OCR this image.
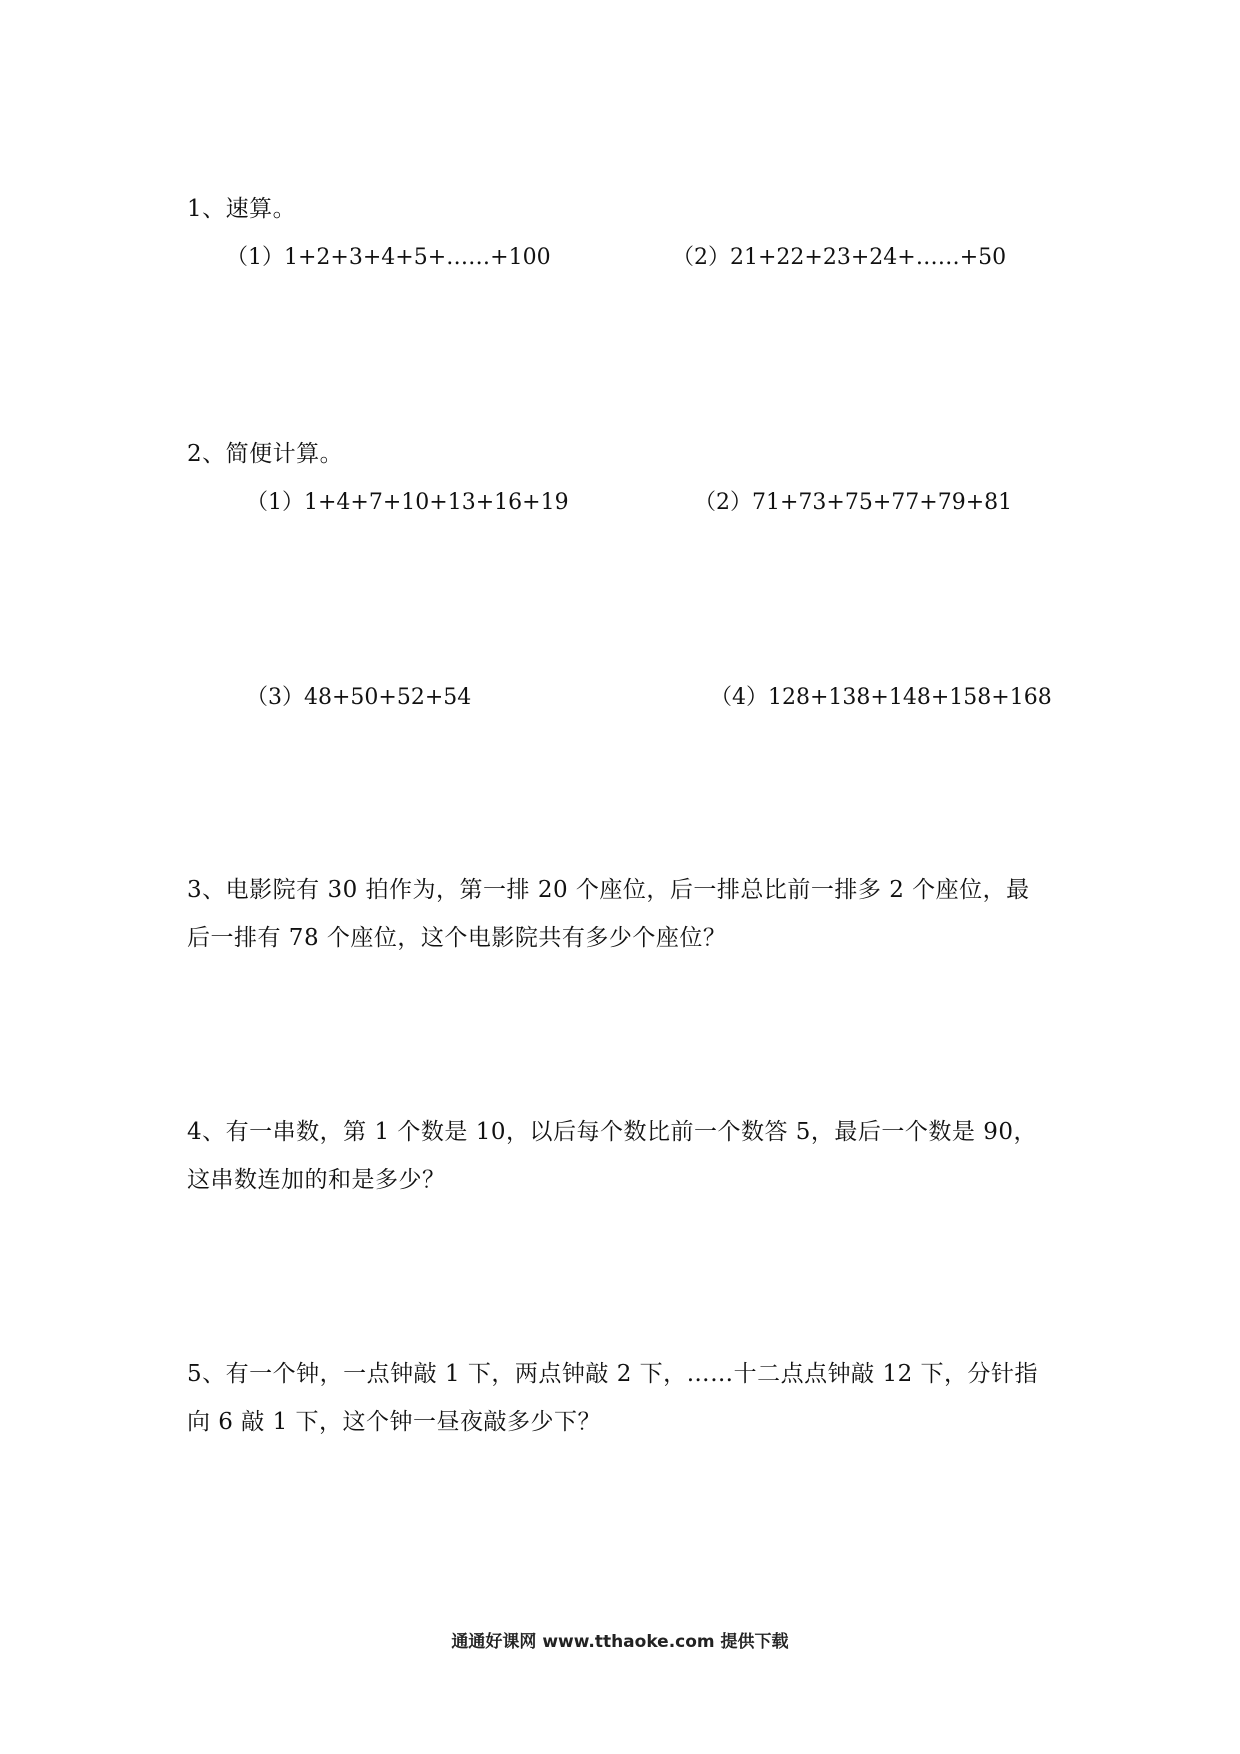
1、速算。
（1）1+2+3+4+5+……+100	（2）21+22+23+24+……+50
2、简便计算。
（1）1+4+7+10+13+16+19	（2）71+73+75+77+79+81
（3）48+50+52+54	（4）128+138+148+158+168
3、电影院有 30 拍作为，第一排 20 个座位，后一排总比前一排多 2 个座位，最
后一排有 78 个座位，这个电影院共有多少个座位？
4、有一串数，第 1 个数是 10，以后每个数比前一个数答 5，最后一个数是 90，
这串数连加的和是多少？
5、有一个钟，一点钟敲 1 下，两点钟敲 2 下，……十二点点钟敲 12 下，分针指
向 6 敲 1 下，这个钟一昼夜敲多少下？
通通好课网 www.tthaoke.com 提供下载
